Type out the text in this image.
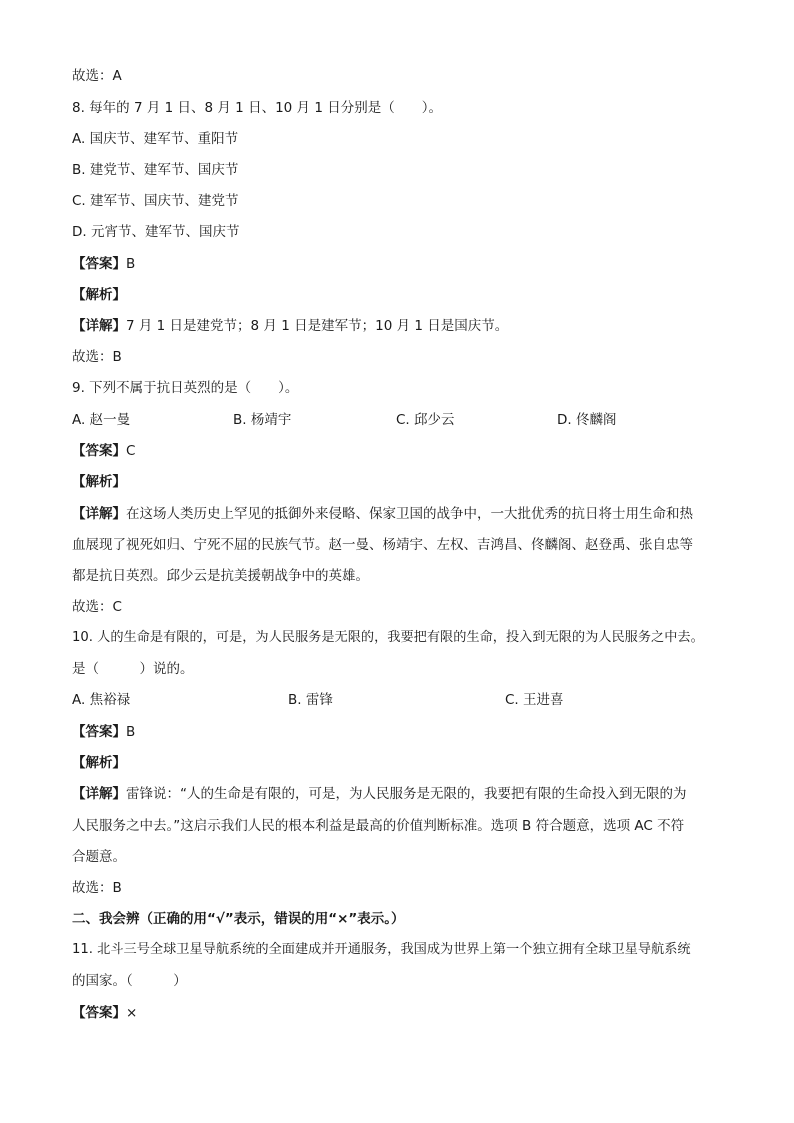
故选：A
8. 每年的 7 月 1 日、8 月 1 日、10 月 1 日分别是（　　）。
A. 国庆节、建军节、重阳节
B. 建党节、建军节、国庆节
C. 建军节、国庆节、建党节
D. 元宵节、建军节、国庆节
【答案】B
【解析】
【详解】7 月 1 日是建党节；8 月 1 日是建军节；10 月 1 日是国庆节。
故选：B
9. 下列不属于抗日英烈的是（　　）。
A. 赵一曼	B. 杨靖宇	C. 邱少云	D. 佟麟阁
【答案】C
【解析】
【详解】在这场人类历史上罕见的抵御外来侵略、保家卫国的战争中，一大批优秀的抗日将士用生命和热
血展现了视死如归、宁死不屈的民族气节。赵一曼、杨靖宇、左权、吉鸿昌、佟麟阁、赵登禹、张自忠等
都是抗日英烈。邱少云是抗美援朝战争中的英雄。
故选：C
10. 人的生命是有限的，可是，为人民服务是无限的，我要把有限的生命，投入到无限的为人民服务之中去。
是（　　　）说的。
A. 焦裕禄	B. 雷锋	C. 王进喜
【答案】B
【解析】
【详解】雷锋说：“人的生命是有限的，可是，为人民服务是无限的，我要把有限的生命投入到无限的为
人民服务之中去。”这启示我们人民的根本利益是最高的价值判断标准。选项 B 符合题意，选项 AC 不符
合题意。
故选：B
二、我会辨（正确的用“√”表示，错误的用“×”表示。）
11. 北斗三号全球卫星导航系统的全面建成并开通服务，我国成为世界上第一个独立拥有全球卫星导航系统
的国家。（　　　）
【答案】×
